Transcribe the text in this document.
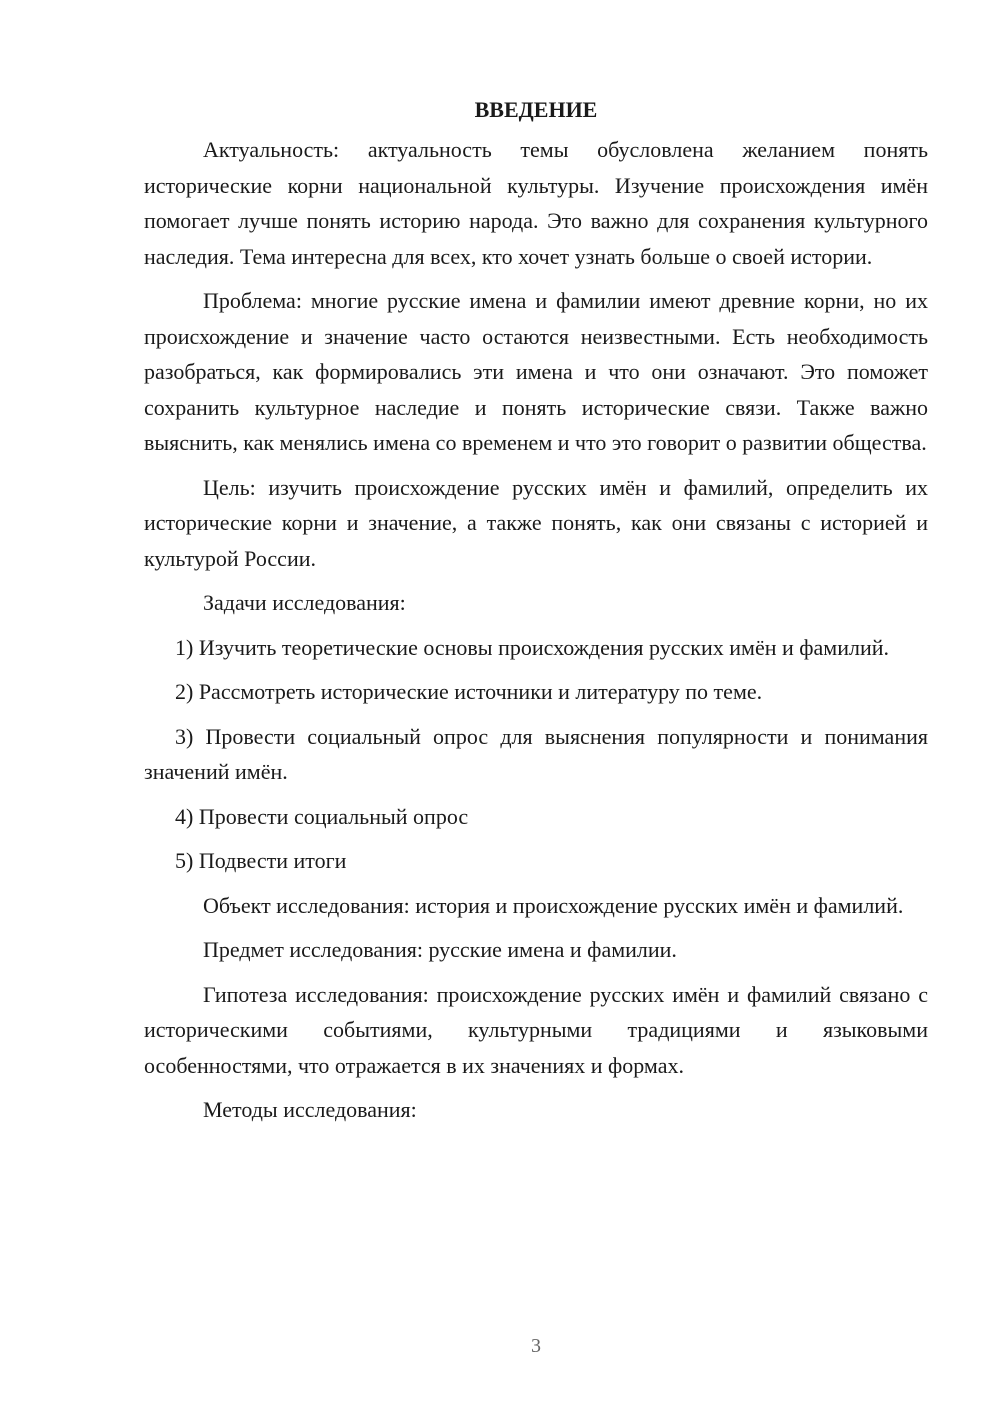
ВВЕДЕНИЕ

Актуальность: актуальность темы обусловлена желанием понять исторические корни национальной культуры. Изучение происхождения имён помогает лучше понять историю народа. Это важно для сохранения культурного наследия. Тема интересна для всех, кто хочет узнать больше о своей истории.

Проблема: многие русские имена и фамилии имеют древние корни, но их происхождение и значение часто остаются неизвестными. Есть необходимость разобраться, как формировались эти имена и что они означают. Это поможет сохранить культурное наследие и понять исторические связи. Также важно выяснить, как менялись имена со временем и что это говорит о развитии общества.

Цель: изучить происхождение русских имён и фамилий, определить их исторические корни и значение, а также понять, как они связаны с историей и культурой России.

Задачи исследования:

1) Изучить теоретические основы происхождения русских имён и фамилий.

2) Рассмотреть исторические источники и литературу по теме.

3) Провести социальный опрос для выяснения популярности и понимания значений имён.

4) Провести социальный опрос

5) Подвести итоги

Объект исследования: история и происхождение русских имён и фамилий.

Предмет исследования: русские имена и фамилии.

Гипотеза исследования: происхождение русских имён и фамилий связано с историческими событиями, культурными традициями и языковыми особенностями, что отражается в их значениях и формах.

Методы исследования:

3
